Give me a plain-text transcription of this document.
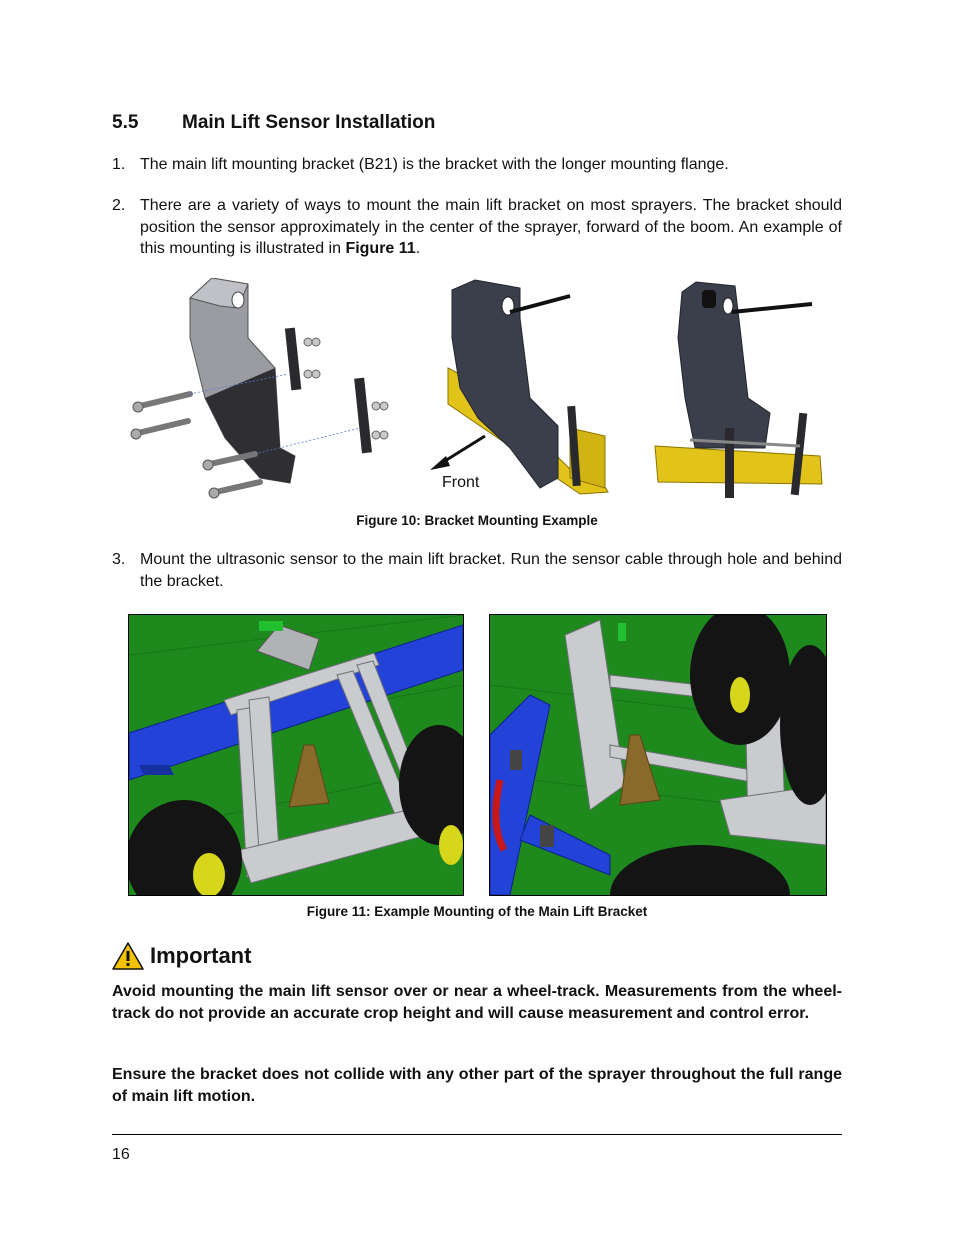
5.5 Main Lift Sensor Installation
1. The main lift mounting bracket (B21) is the bracket with the longer mounting flange.
2. There are a variety of ways to mount the main lift bracket on most sprayers. The bracket should position the sensor approximately in the center of the sprayer, forward of the boom. An example of this mounting is illustrated in Figure 11.
Front
Figure 10: Bracket Mounting Example
3. Mount the ultrasonic sensor to the main lift bracket. Run the sensor cable through hole and behind the bracket.
Figure 11: Example Mounting of the Main Lift Bracket
Important
Avoid mounting the main lift sensor over or near a wheel-track. Measurements from the wheel-track do not provide an accurate crop height and will cause measurement and control error.
Ensure the bracket does not collide with any other part of the sprayer throughout the full range of main lift motion.
16
